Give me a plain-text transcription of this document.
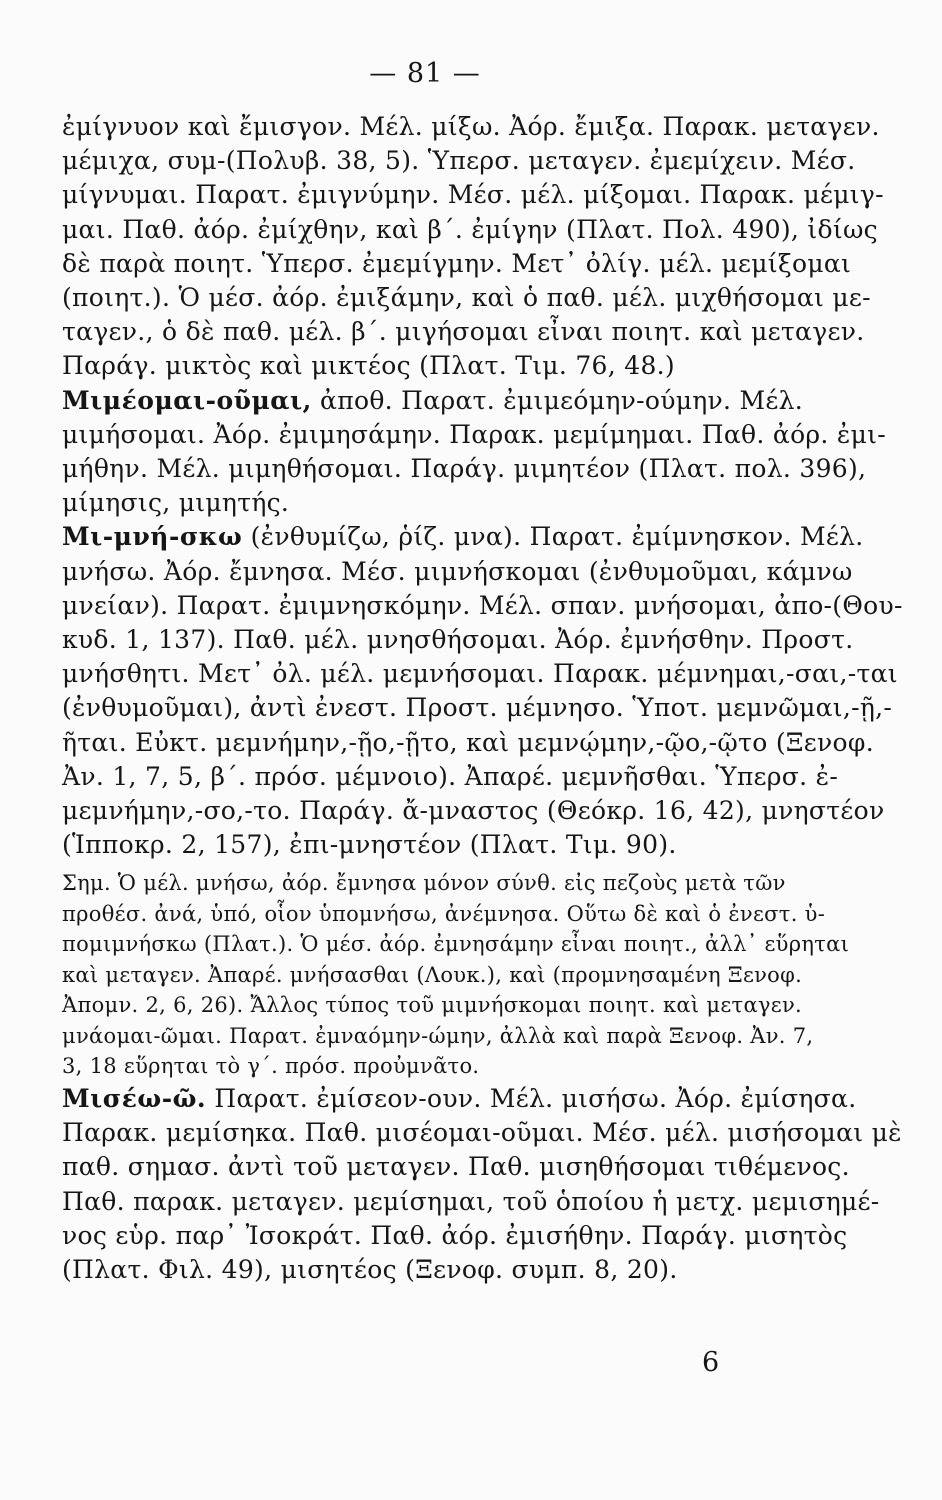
— 81 —
ἐμίγνυον καὶ ἔμισγον. Μέλ. μίξω. Ἀόρ. ἔμιξα. Παρακ. μεταγεν.
μέμιχα, συμ-(Πολυβ. 38, 5). Ὑπερσ. μεταγεν. ἐμεμίχειν. Μέσ.
μίγνυμαι. Παρατ. ἐμιγνύμην. Μέσ. μέλ. μίξομαι. Παρακ. μέμιγ-
μαι. Παθ. ἀόρ. ἐμίχθην, καὶ β΄. ἐμίγην (Πλατ. Πολ. 490), ἰδίως
δὲ παρὰ ποιητ. Ὑπερσ. ἐμεμίγμην. Μετ᾽ ὀλίγ. μέλ. μεμίξομαι
(ποιητ.). Ὁ μέσ. ἀόρ. ἐμιξάμην, καὶ ὁ παθ. μέλ. μιχθήσομαι με-
ταγεν., ὁ δὲ παθ. μέλ. β΄. μιγήσομαι εἶναι ποιητ. καὶ μεταγεν.
Παράγ. μικτὸς καὶ μικτέος (Πλατ. Τιμ. 76, 48.)
Μιμέομαι-οῦμαι, ἀποθ. Παρατ. ἐμιμεόμην-ούμην. Μέλ.
μιμήσομαι. Ἀόρ. ἐμιμησάμην. Παρακ. μεμίμημαι. Παθ. ἀόρ. ἐμι-
μήθην. Μέλ. μιμηθήσομαι. Παράγ. μιμητέον (Πλατ. πολ. 396),
μίμησις, μιμητής.
Μι-μνή-σκω (ἐνθυμίζω, ῥίζ. μνα). Παρατ. ἐμίμνησκον. Μέλ.
μνήσω. Ἀόρ. ἔμνησα. Μέσ. μιμνήσκομαι (ἐνθυμοῦμαι, κάμνω
μνείαν). Παρατ. ἐμιμνησκόμην. Μέλ. σπαν. μνήσομαι, ἀπο-(Θου-
κυδ. 1, 137). Παθ. μέλ. μνησθήσομαι. Ἀόρ. ἐμνήσθην. Προστ.
μνήσθητι. Μετ᾽ ὀλ. μέλ. μεμνήσομαι. Παρακ. μέμνημαι,-σαι,-ται
(ἐνθυμοῦμαι), ἀντὶ ἐνεστ. Προστ. μέμνησο. Ὑποτ. μεμνῶμαι,-ῇ,-
ῆται. Εὐκτ. μεμνήμην,-ῇο,-ῇτο, καὶ μεμνῴμην,-ῷο,-ῷτο (Ξενοφ.
Ἀν. 1, 7, 5, β΄. πρόσ. μέμνοιο). Ἀπαρέ. μεμνῆσθαι. Ὑπερσ. ἐ-
μεμνήμην,-σο,-το. Παράγ. ἄ-μναστος (Θεόκρ. 16, 42), μνηστέον
(Ἱπποκρ. 2, 157), ἐπι-μνηστέον (Πλατ. Τιμ. 90).
Σημ. Ὁ μέλ. μνήσω, ἀόρ. ἔμνησα μόνον σύνθ. εἰς πεζοὺς μετὰ τῶν
προθέσ. ἀνά, ὑπό, οἷον ὑπομνήσω, ἀνέμνησα. Οὕτω δὲ καὶ ὁ ἐνεστ. ὑ-
πομιμνήσκω (Πλατ.). Ὁ μέσ. ἀόρ. ἐμνησάμην εἶναι ποιητ., ἀλλ᾽ εὕρηται
καὶ μεταγεν. Ἀπαρέ. μνήσασθαι (Λουκ.), καὶ (προμνησαμένη Ξενοφ.
Ἀπομν. 2, 6, 26). Ἄλλος τύπος τοῦ μιμνήσκομαι ποιητ. καὶ μεταγεν.
μνάομαι-ῶμαι. Παρατ. ἐμναόμην-ώμην, ἀλλὰ καὶ παρὰ Ξενοφ. Ἀν. 7,
3, 18 εὕρηται τὸ γ΄. πρόσ. προὐμνᾶτο.
Μισέω-ῶ. Παρατ. ἐμίσεον-ουν. Μέλ. μισήσω. Ἀόρ. ἐμίσησα.
Παρακ. μεμίσηκα. Παθ. μισέομαι-οῦμαι. Μέσ. μέλ. μισήσομαι μὲ
παθ. σημασ. ἀντὶ τοῦ μεταγεν. Παθ. μισηθήσομαι τιθέμενος.
Παθ. παρακ. μεταγεν. μεμίσημαι, τοῦ ὁποίου ἡ μετχ. μεμισημέ-
νος εὑρ. παρ᾽ Ἰσοκράτ. Παθ. ἀόρ. ἐμισήθην. Παράγ. μισητὸς
(Πλατ. Φιλ. 49), μισητέος (Ξενοφ. συμπ. 8, 20).
6
